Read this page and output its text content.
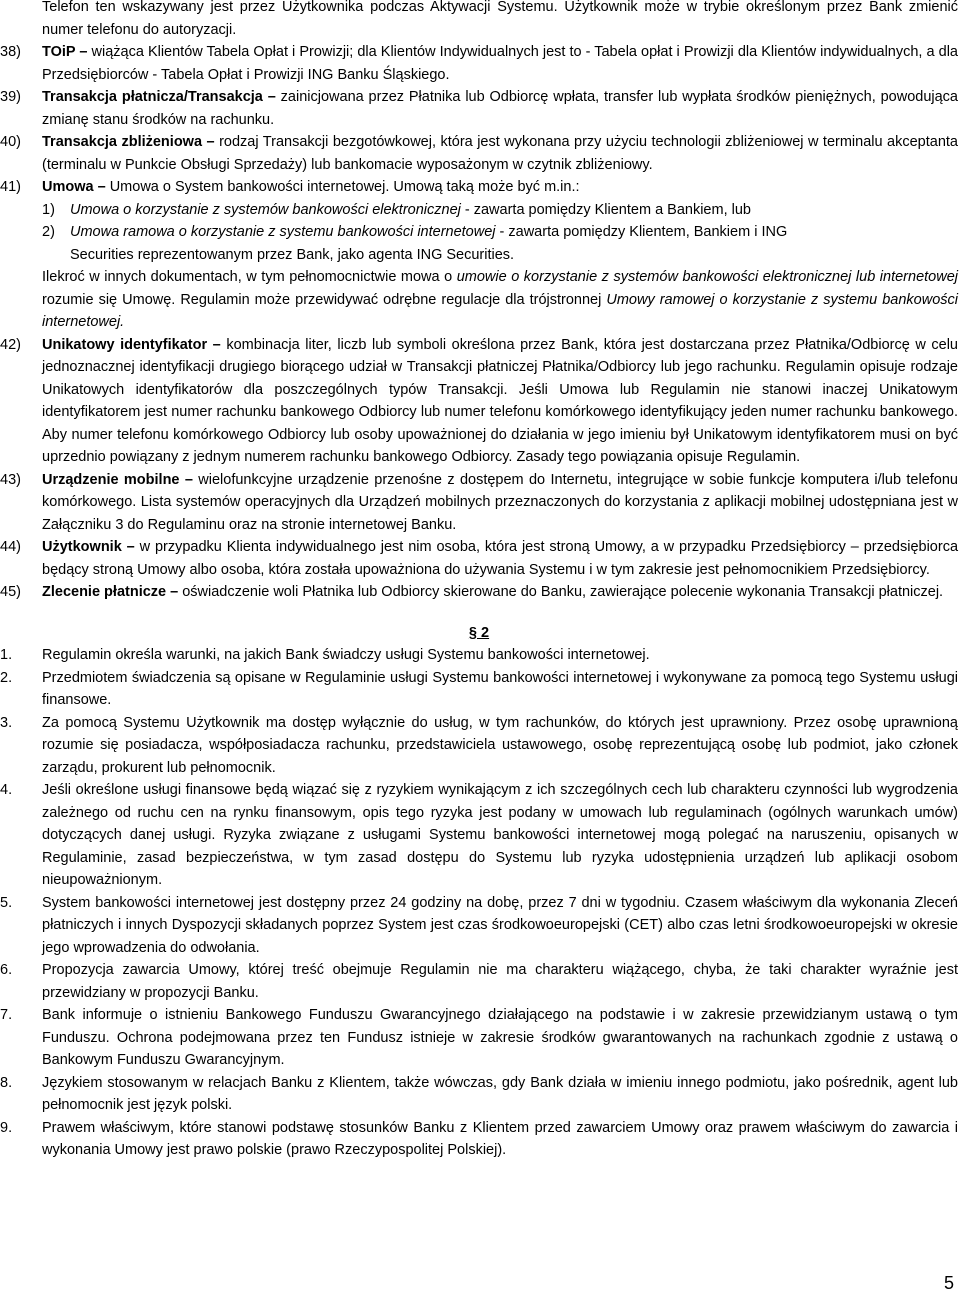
Telefon ten wskazywany jest przez Użytkownika podczas Aktywacji Systemu. Użytkownik może w trybie określonym przez Bank zmienić numer telefonu do autoryzacji.
38)	TOiP – wiążąca Klientów Tabela Opłat i Prowizji; dla Klientów Indywidualnych jest to - Tabela opłat i Prowizji dla Klientów indywidualnych, a dla Przedsiębiorców - Tabela Opłat i Prowizji ING Banku Śląskiego.
39)	Transakcja płatnicza/Transakcja – zainicjowana przez Płatnika lub Odbiorcę wpłata, transfer lub wypłata środków pieniężnych, powodująca zmianę stanu środków na rachunku.
40)	Transakcja zbliżeniowa – rodzaj Transakcji bezgotówkowej, która jest wykonana przy użyciu technologii zbliżeniowej w terminalu akceptanta (terminalu w Punkcie Obsługi Sprzedaży) lub bankomacie wyposażonym w czytnik zbliżeniowy.
41)	Umowa – Umowa o System bankowości internetowej. Umową taką może być m.in.:
1)	Umowa o korzystanie z systemów bankowości elektronicznej - zawarta pomiędzy Klientem a Bankiem, lub
2)	Umowa ramowa o korzystanie z systemu bankowości internetowej - zawarta pomiędzy Klientem, Bankiem i ING
Securities reprezentowanym przez Bank, jako agenta ING Securities.
Ilekroć w innych dokumentach, w tym pełnomocnictwie mowa o umowie o korzystanie z systemów bankowości elektronicznej lub internetowej rozumie się Umowę. Regulamin może przewidywać odrębne regulacje dla trójstronnej Umowy ramowej o korzystanie z systemu bankowości internetowej.
42)	Unikatowy identyfikator – kombinacja liter, liczb lub symboli określona przez Bank, która jest dostarczana przez Płatnika/Odbiorcę w celu jednoznacznej identyfikacji drugiego biorącego udział w Transakcji płatniczej Płatnika/Odbiorcy lub jego rachunku. Regulamin opisuje rodzaje Unikatowych identyfikatorów dla poszczególnych typów Transakcji. Jeśli Umowa lub Regulamin nie stanowi inaczej Unikatowym identyfikatorem jest numer rachunku bankowego Odbiorcy lub numer telefonu komórkowego identyfikujący jeden numer rachunku bankowego. Aby numer telefonu komórkowego Odbiorcy lub osoby upoważnionej do działania w jego imieniu był Unikatowym identyfikatorem musi on być uprzednio powiązany z jednym numerem rachunku bankowego Odbiorcy. Zasady tego powiązania opisuje Regulamin.
43)	Urządzenie mobilne – wielofunkcyjne urządzenie przenośne z dostępem do Internetu, integrujące w sobie funkcje komputera i/lub telefonu komórkowego. Lista systemów operacyjnych dla Urządzeń mobilnych przeznaczonych do korzystania z aplikacji mobilnej udostępniana jest w Załączniku 3 do Regulaminu oraz na stronie internetowej Banku.
44)	Użytkownik – w przypadku Klienta indywidualnego jest nim osoba, która jest stroną Umowy, a w przypadku Przedsiębiorcy – przedsiębiorca będący stroną Umowy albo osoba, która została upoważniona do używania Systemu i w tym zakresie jest pełnomocnikiem Przedsiębiorcy.
45)	Zlecenie płatnicze – oświadczenie woli Płatnika lub Odbiorcy skierowane do Banku, zawierające polecenie wykonania Transakcji płatniczej.
§ 2
1.	Regulamin określa warunki, na jakich Bank świadczy usługi Systemu bankowości internetowej.
2.	Przedmiotem świadczenia są opisane w Regulaminie usługi Systemu bankowości internetowej i wykonywane za pomocą tego Systemu usługi finansowe.
3.	Za pomocą Systemu Użytkownik ma dostęp wyłącznie do usług, w tym rachunków, do których jest uprawniony. Przez osobę uprawnioną rozumie się posiadacza, współposiadacza rachunku, przedstawiciela ustawowego, osobę reprezentującą osobę lub podmiot, jako członek zarządu, prokurent lub pełnomocnik.
4.	Jeśli określone usługi finansowe będą wiązać się z ryzykiem wynikającym z ich szczególnych cech lub charakteru czynności lub wygrodzenia zależnego od ruchu cen na rynku finansowym, opis tego ryzyka jest podany w umowach lub regulaminach (ogólnych warunkach umów) dotyczących danej usługi. Ryzyka związane z usługami Systemu bankowości internetowej mogą polegać na naruszeniu, opisanych w Regulaminie, zasad bezpieczeństwa, w tym zasad dostępu do Systemu lub ryzyka udostępnienia urządzeń lub aplikacji osobom nieupoważnionym.
5.	System bankowości internetowej jest dostępny przez 24 godziny na dobę, przez 7 dni w tygodniu. Czasem właściwym dla wykonania Zleceń płatniczych i innych Dyspozycji składanych poprzez System jest czas środkowoeuropejski (CET) albo czas letni środkowoeuropejski w okresie jego wprowadzenia do odwołania.
6.	Propozycja zawarcia Umowy, której treść obejmuje Regulamin nie ma charakteru wiążącego, chyba, że taki charakter wyraźnie jest przewidziany w propozycji Banku.
7.	Bank informuje o istnieniu Bankowego Funduszu Gwarancyjnego działającego na podstawie i w zakresie przewidzianym ustawą o tym Funduszu. Ochrona podejmowana przez ten Fundusz istnieje w zakresie środków gwarantowanych na rachunkach zgodnie z ustawą o Bankowym Funduszu Gwarancyjnym.
8.	Językiem stosowanym w relacjach Banku z Klientem, także wówczas, gdy Bank działa w imieniu innego podmiotu, jako pośrednik, agent lub pełnomocnik jest język polski.
9.	Prawem właściwym, które stanowi podstawę stosunków Banku z Klientem przed zawarciem Umowy oraz prawem właściwym do zawarcia i wykonania Umowy jest prawo polskie (prawo Rzeczypospolitej Polskiej).
5
